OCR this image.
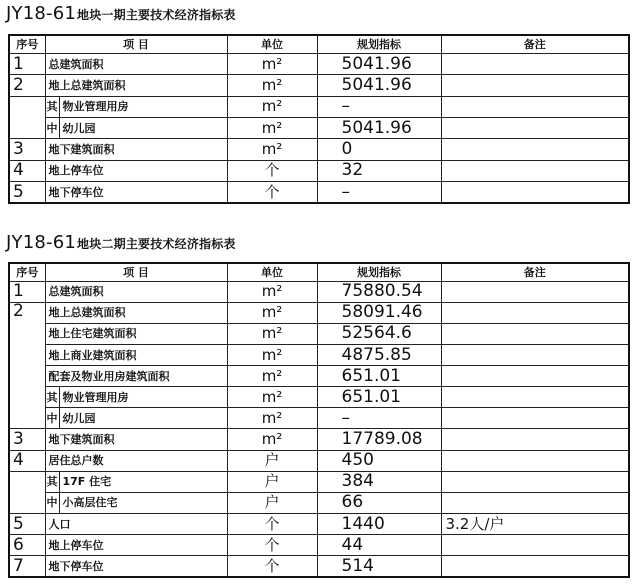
JY18-61地块一期主要技术经济指标表
序号	项 目		单位	规划指标	备注
1	总建筑面积		m²	5041.96	
2	地上总建筑面积		m²	5041.96	
	其	物业管理用房	m²	–	
	中	幼儿园	m²	5041.96	
3	地下建筑面积		m²	0	
4	地上停车位		个	32	
5	地下停车位		个	–	
JY18-61地块二期主要技术经济指标表
序号	项 目		单位	规划指标	备注
1	总建筑面积		m²	75880.54	
2	地上总建筑面积		m²	58091.46	
	地上住宅建筑面积		m²	52564.6	
	地上商业建筑面积		m²	4875.85	
	配套及物业用房建筑面积		m²	651.01	
	其	物业管理用房	m²	651.01	
	中	幼儿园	m²	–	
3	地下建筑面积		m²	17789.08	
4	居住总户数		户	450	
	其	17F 住宅	户	384	
	中	小高层住宅	户	66	
5	人口		个	1440	3.2人/户
6	地上停车位		个	44	
7	地下停车位		个	514	
